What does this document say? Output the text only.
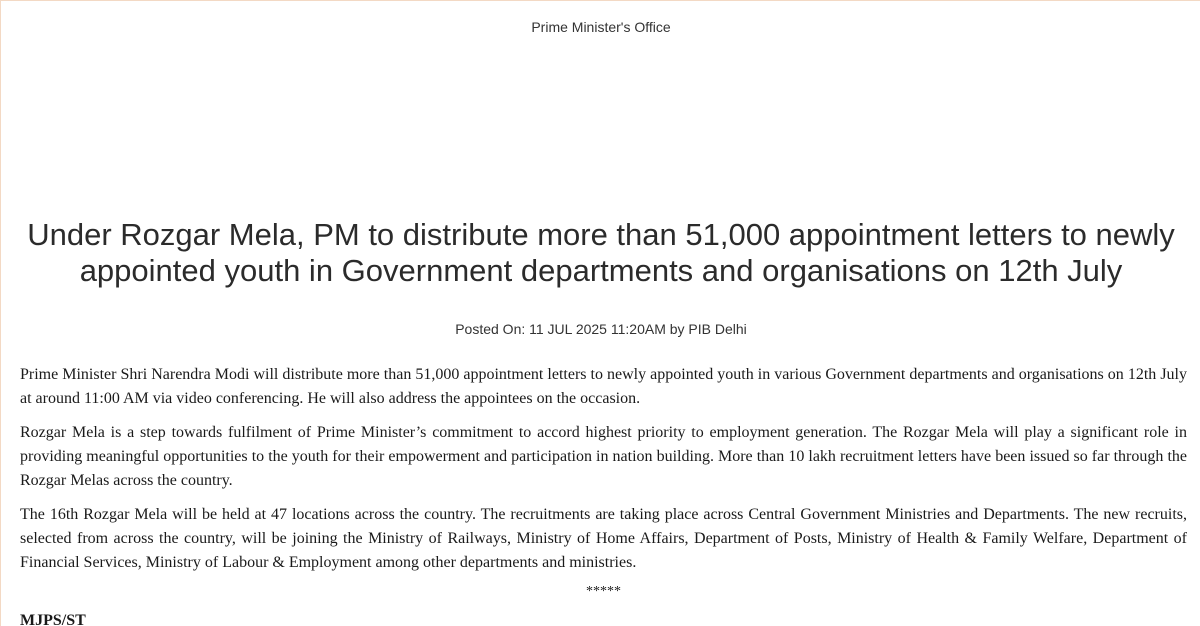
Prime Minister's Office
Under Rozgar Mela, PM to distribute more than 51,000 appointment letters to newly appointed youth in Government departments and organisations on 12th July
Posted On: 11 JUL 2025 11:20AM by PIB Delhi

Prime Minister Shri Narendra Modi will distribute more than 51,000 appointment letters to newly appointed youth in various Government departments and organisations on 12th July at around 11:00 AM via video conferencing. He will also address the appointees on the occasion.

Rozgar Mela is a step towards fulfilment of Prime Minister’s commitment to accord highest priority to employment generation. The Rozgar Mela will play a significant role in providing meaningful opportunities to the youth for their empowerment and participation in nation building. More than 10 lakh recruitment letters have been issued so far through the Rozgar Melas across the country.

The 16th Rozgar Mela will be held at 47 locations across the country. The recruitments are taking place across Central Government Ministries and Departments. The new recruits, selected from across the country, will be joining the Ministry of Railways, Ministry of Home Affairs, Department of Posts, Ministry of Health & Family Welfare, Department of Financial Services, Ministry of Labour & Employment among other departments and ministries.

*****
MJPS/ST
